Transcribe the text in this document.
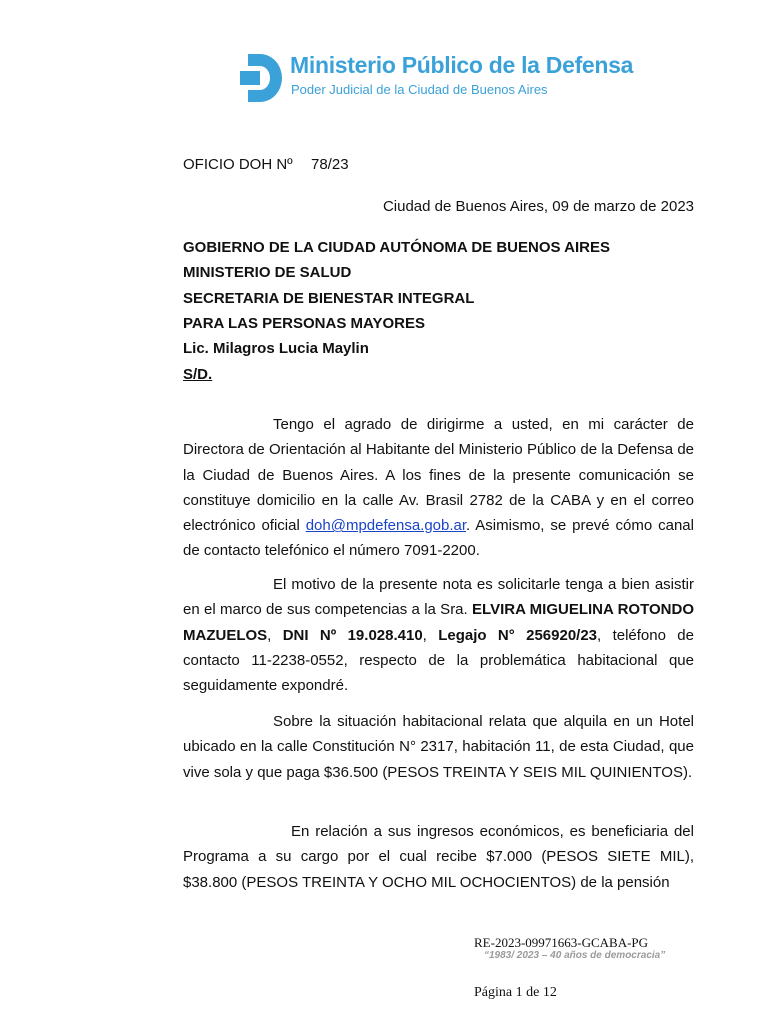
Ministerio Público de la Defensa
Poder Judicial de la Ciudad de Buenos Aires
OFICIO DOH Nº 78/23
Ciudad de Buenos Aires, 09 de marzo de 2023
GOBIERNO DE LA CIUDAD AUTÓNOMA DE BUENOS AIRES
MINISTERIO DE SALUD
SECRETARIA DE BIENESTAR INTEGRAL
PARA LAS PERSONAS MAYORES
Lic. Milagros Lucia Maylin
S/D.
Tengo el agrado de dirigirme a usted, en mi carácter de Directora de Orientación al Habitante del Ministerio Público de la Defensa de la Ciudad de Buenos Aires. A los fines de la presente comunicación se constituye domicilio en la calle Av. Brasil 2782 de la CABA y en el correo electrónico oficial doh@mpdefensa.gob.ar. Asimismo, se prevé cómo canal de contacto telefónico el número 7091-2200.
El motivo de la presente nota es solicitarle tenga a bien asistir en el marco de sus competencias a la Sra. ELVIRA MIGUELINA ROTONDO MAZUELOS, DNI Nº 19.028.410, Legajo N° 256920/23, teléfono de contacto 11-2238-0552, respecto de la problemática habitacional que seguidamente expondré.
Sobre la situación habitacional relata que alquila en un Hotel ubicado en la calle Constitución N° 2317, habitación 11, de esta Ciudad, que vive sola y que paga $36.500 (PESOS TREINTA Y SEIS MIL QUINIENTOS).
En relación a sus ingresos económicos, es beneficiaria del Programa a su cargo por el cual recibe $7.000 (PESOS SIETE MIL), $38.800 (PESOS TREINTA Y OCHO MIL OCHOCIENTOS) de la pensión
RE-2023-09971663-GCABA-PG
“1983/ 2023 – 40 años de democracia”
Página 1 de 12
